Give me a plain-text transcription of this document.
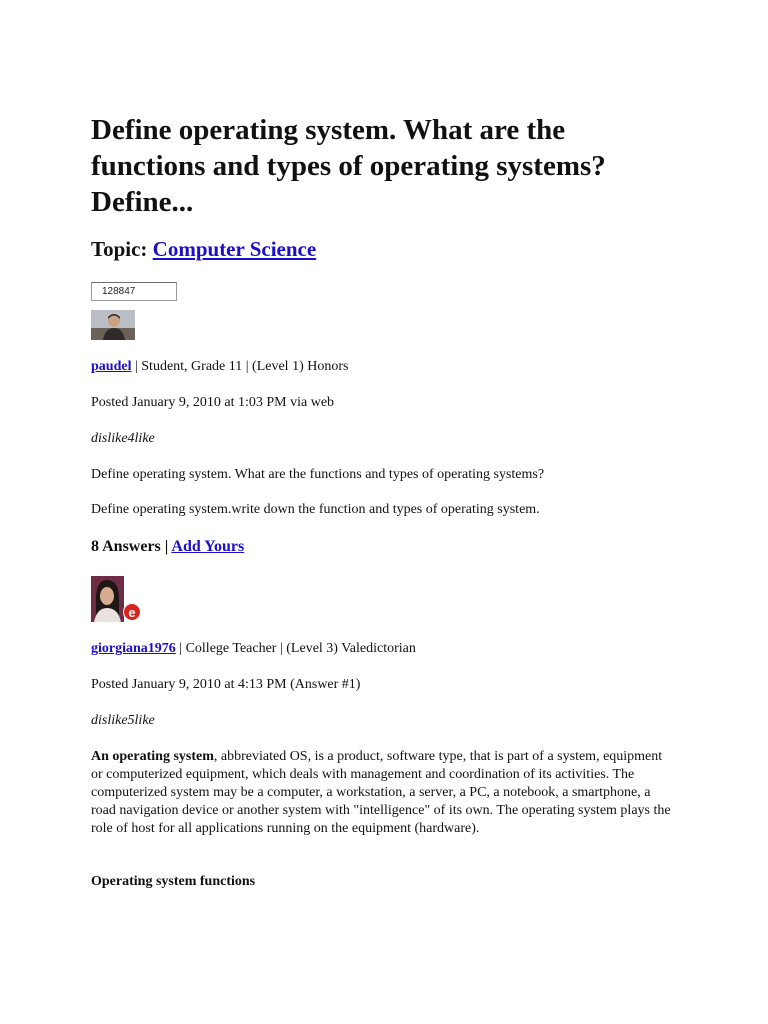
Define operating system. What are the functions and types of operating systems? Define...

Topic: Computer Science

128847

paudel | Student, Grade 11 | (Level 1) Honors

Posted January 9, 2010 at 1:03 PM via web

dislike4like

Define operating system. What are the functions and types of operating systems?

Define operating system.write down the function and types of operating system.

8 Answers | Add Yours

e

giorgiana1976 | College Teacher | (Level 3) Valedictorian

Posted January 9, 2010 at 4:13 PM (Answer #1)

dislike5like

An operating system, abbreviated OS, is a product, software type, that is part of a system, equipment or computerized equipment, which deals with management and coordination of its activities. The computerized system may be a computer, a workstation, a server, a PC, a notebook, a smartphone, a road navigation device or another system with "intelligence" of its own. The operating system plays the role of host for all applications running on the equipment (hardware).

Operating system functions
